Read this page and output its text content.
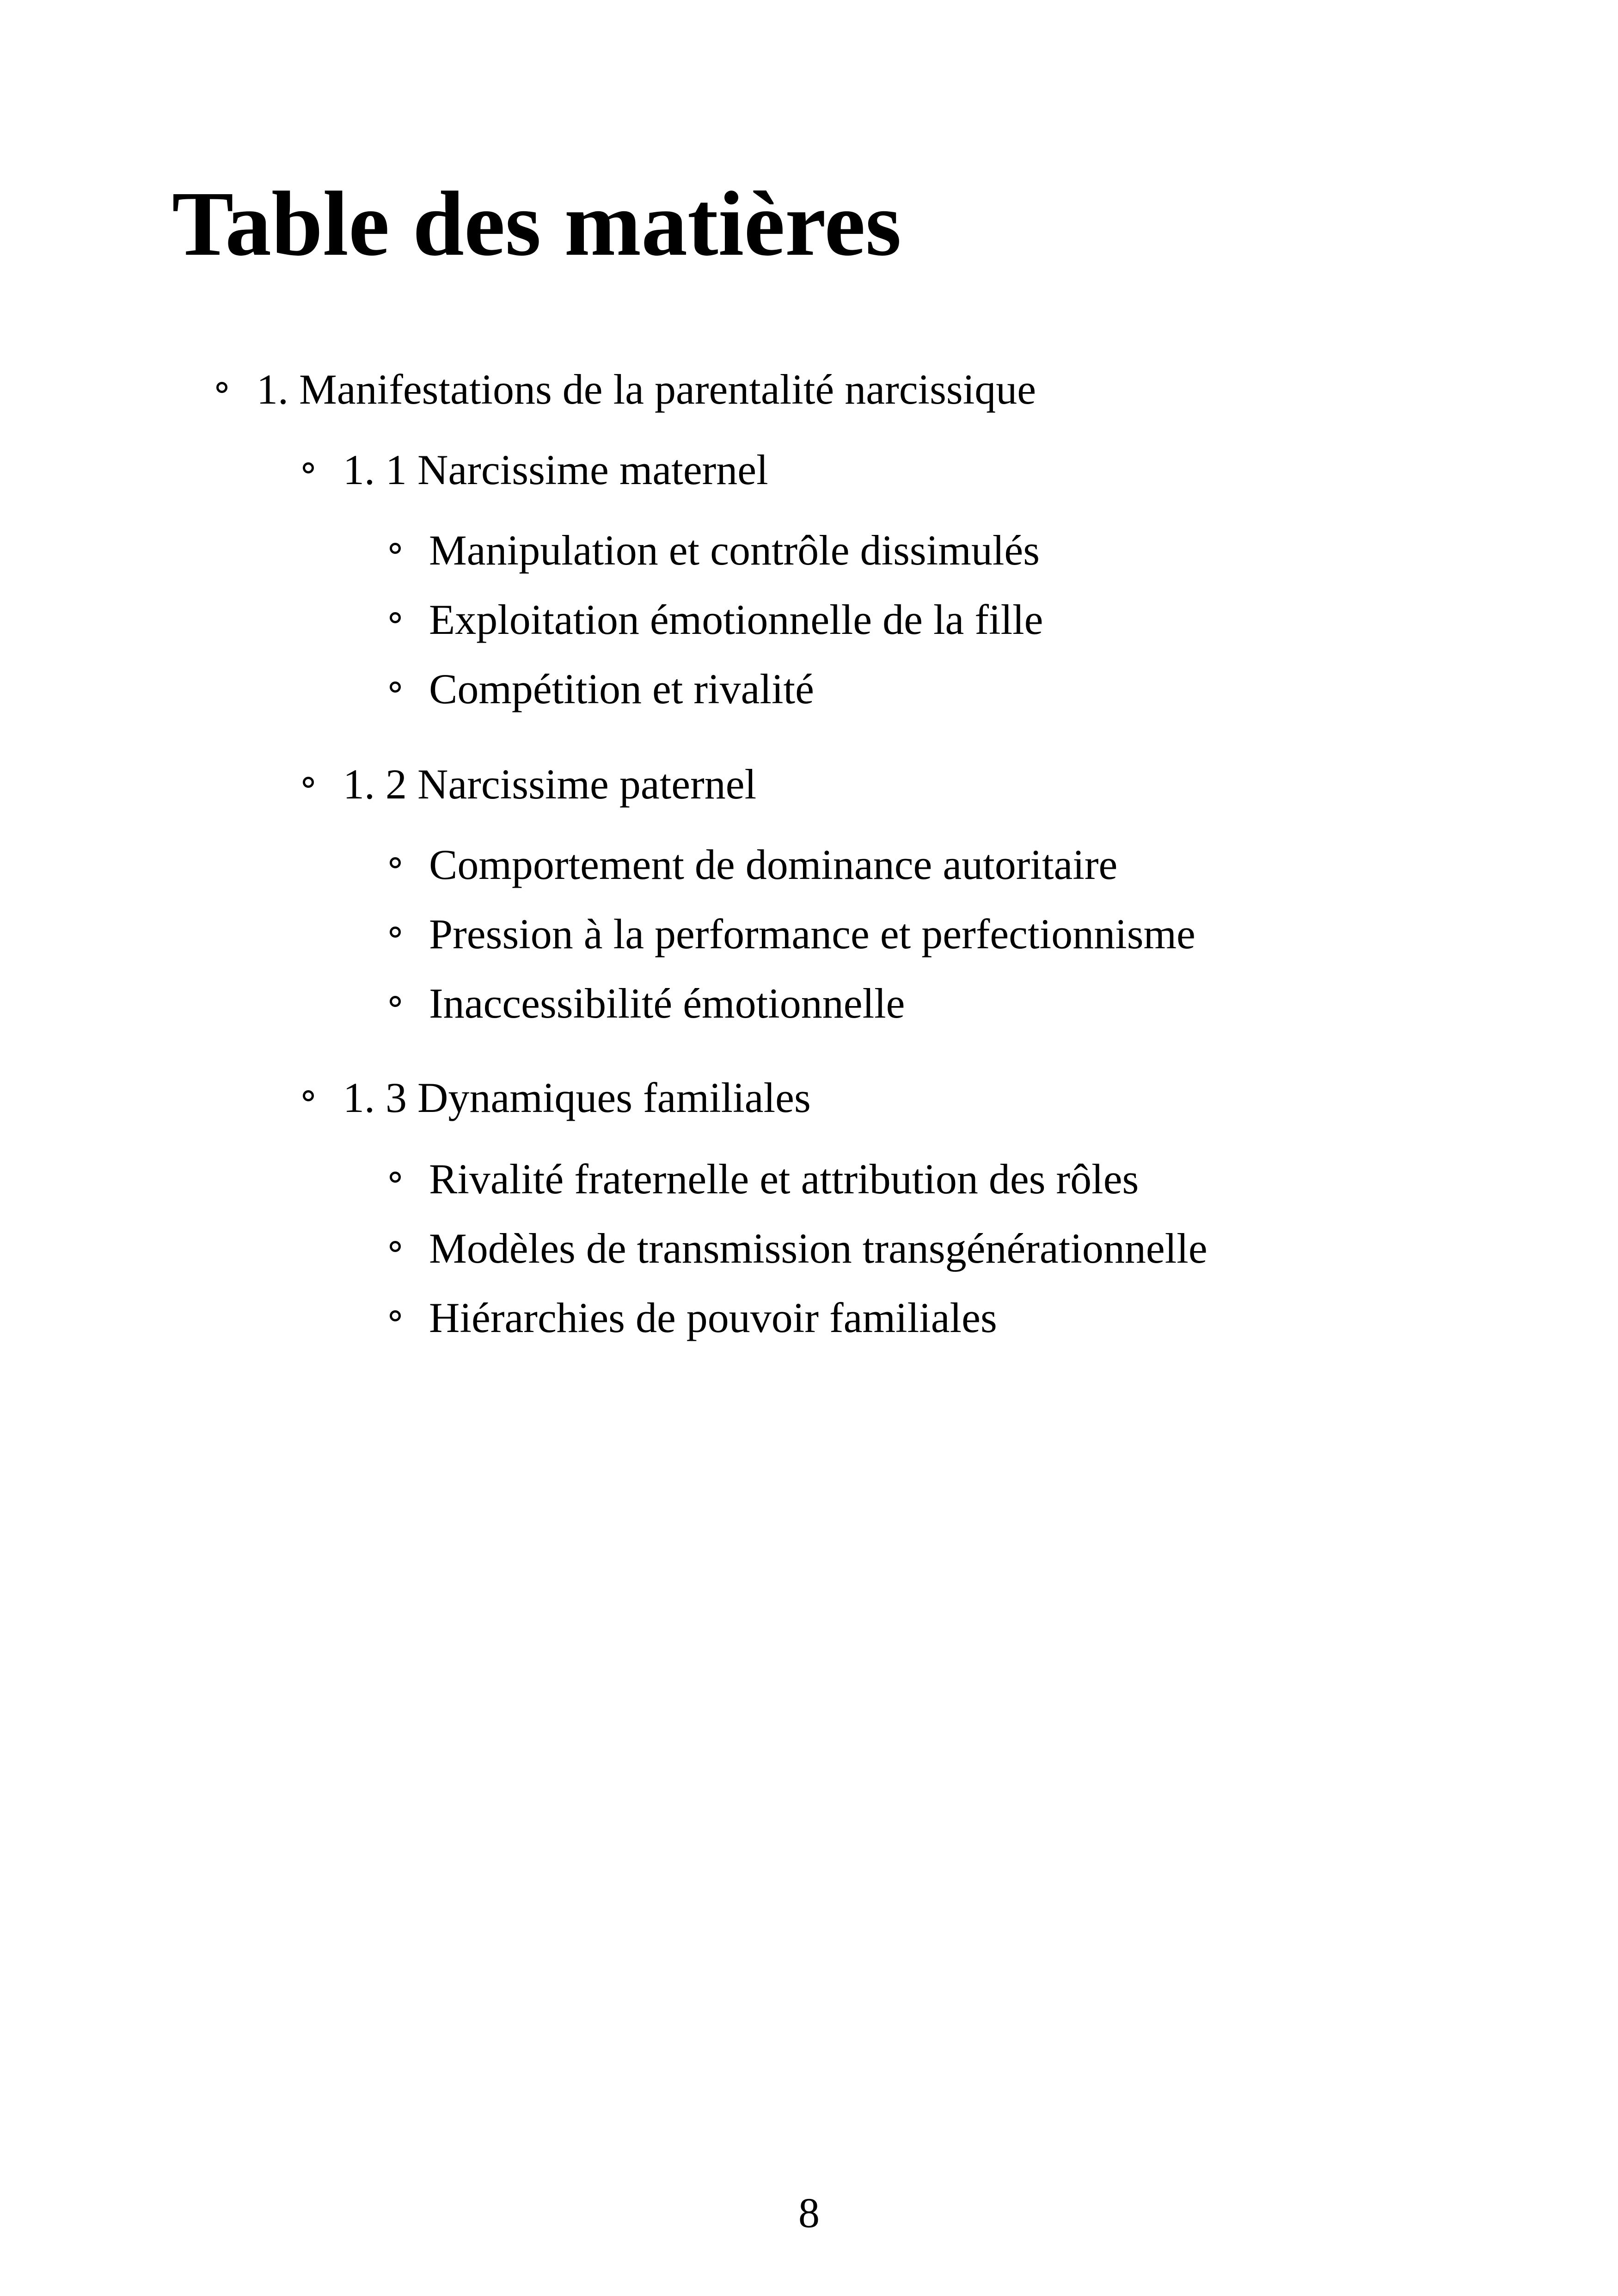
Table des matières
1. Manifestations de la parentalité narcissique
1. 1 Narcissime maternel
Manipulation et contrôle dissimulés
Exploitation émotionnelle de la fille
Compétition et rivalité
1. 2 Narcissime paternel
Comportement de dominance autoritaire
Pression à la performance et perfectionnisme
Inaccessibilité émotionnelle
1. 3 Dynamiques familiales
Rivalité fraternelle et attribution des rôles
Modèles de transmission transgénérationnelle
Hiérarchies de pouvoir familiales
8
